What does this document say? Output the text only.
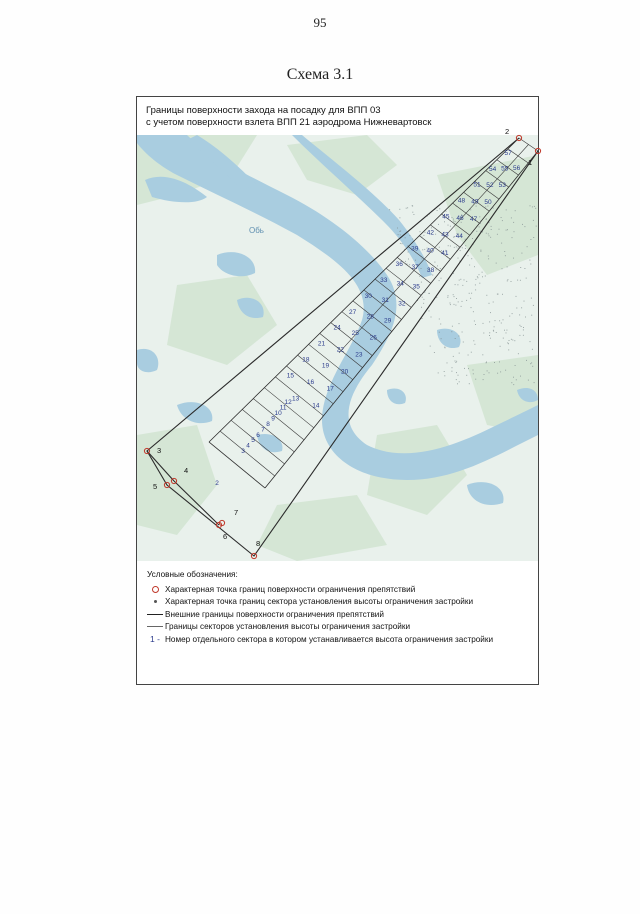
95
Схема 3.1
Границы поверхности захода на посадку для ВПП 03
с учетом поверхности взлета ВПП 21 аэродрома Нижневартовск
Обь
2
3
4
5
6
7
8
9
10
11
12 13
14
15
16
17
18
19
20
21
22
23
24
25
26
27
28
29
30
31
32
33 34 35
36 37 38
39 40 41
42 43 44
45 46 47
48 49 50
51 52 53
54 55 56
57
1
2
3
4
5
6
7
8
Условные обозначения:
Характерная точка границ поверхности ограничения препятствий
Характерная точка границ сектора установления высоты ограничения застройки
Внешние границы поверхности ограничения препятствий
Границы секторов установления высоты ограничения застройки
1 - Номер отдельного сектора в котором устанавливается высота ограничения застройки
